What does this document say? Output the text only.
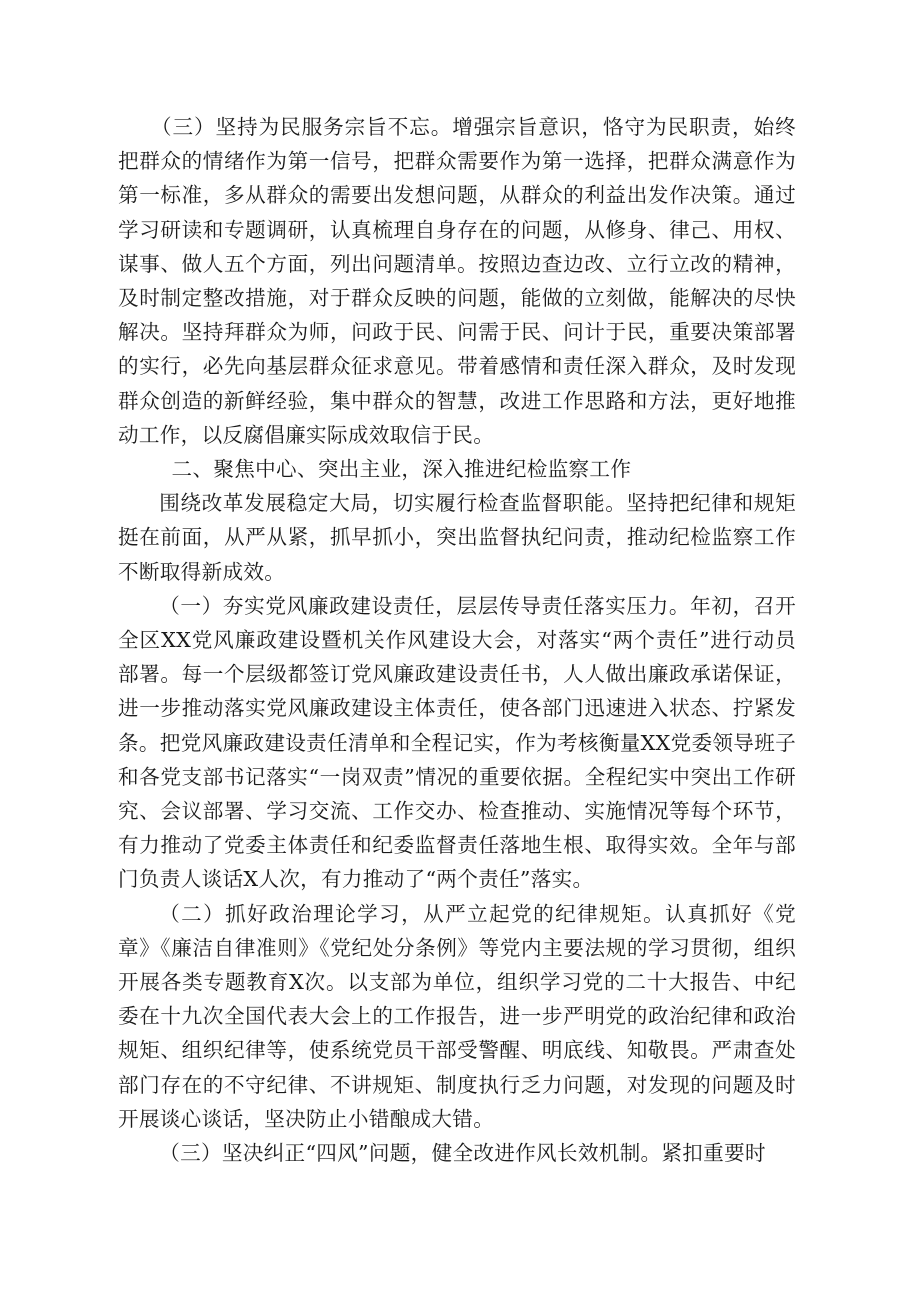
（三）坚持为民服务宗旨不忘。增强宗旨意识，恪守为民职责，始终把群众的情绪作为第一信号，把群众需要作为第一选择，把群众满意作为第一标准，多从群众的需要出发想问题，从群众的利益出发作决策。通过学习研读和专题调研，认真梳理自身存在的问题，从修身、律己、用权、谋事、做人五个方面，列出问题清单。按照边查边改、立行立改的精神，及时制定整改措施，对于群众反映的问题，能做的立刻做，能解决的尽快解决。坚持拜群众为师，问政于民、问需于民、问计于民，重要决策部署的实行，必先向基层群众征求意见。带着感情和责任深入群众，及时发现群众创造的新鲜经验，集中群众的智慧，改进工作思路和方法，更好地推动工作，以反腐倡廉实际成效取信于民。

二、聚焦中心、突出主业，深入推进纪检监察工作

围绕改革发展稳定大局，切实履行检查监督职能。坚持把纪律和规矩挺在前面，从严从紧，抓早抓小，突出监督执纪问责，推动纪检监察工作不断取得新成效。

（一）夯实党风廉政建设责任，层层传导责任落实压力。年初，召开全区XX党风廉政建设暨机关作风建设大会，对落实“两个责任”进行动员部署。每一个层级都签订党风廉政建设责任书，人人做出廉政承诺保证，进一步推动落实党风廉政建设主体责任，使各部门迅速进入状态、拧紧发条。把党风廉政建设责任清单和全程记实，作为考核衡量XX党委领导班子和各党支部书记落实“一岗双责”情况的重要依据。全程纪实中突出工作研究、会议部署、学习交流、工作交办、检查推动、实施情况等每个环节，有力推动了党委主体责任和纪委监督责任落地生根、取得实效。全年与部门负责人谈话X人次，有力推动了“两个责任”落实。

（二）抓好政治理论学习，从严立起党的纪律规矩。认真抓好《党章》《廉洁自律准则》《党纪处分条例》等党内主要法规的学习贯彻，组织开展各类专题教育X次。以支部为单位，组织学习党的二十大报告、中纪委在十九次全国代表大会上的工作报告，进一步严明党的政治纪律和政治规矩、组织纪律等，使系统党员干部受警醒、明底线、知敬畏。严肃查处部门存在的不守纪律、不讲规矩、制度执行乏力问题，对发现的问题及时开展谈心谈话，坚决防止小错酿成大错。

（三）坚决纠正“四风”问题，健全改进作风长效机制。紧扣重要时
